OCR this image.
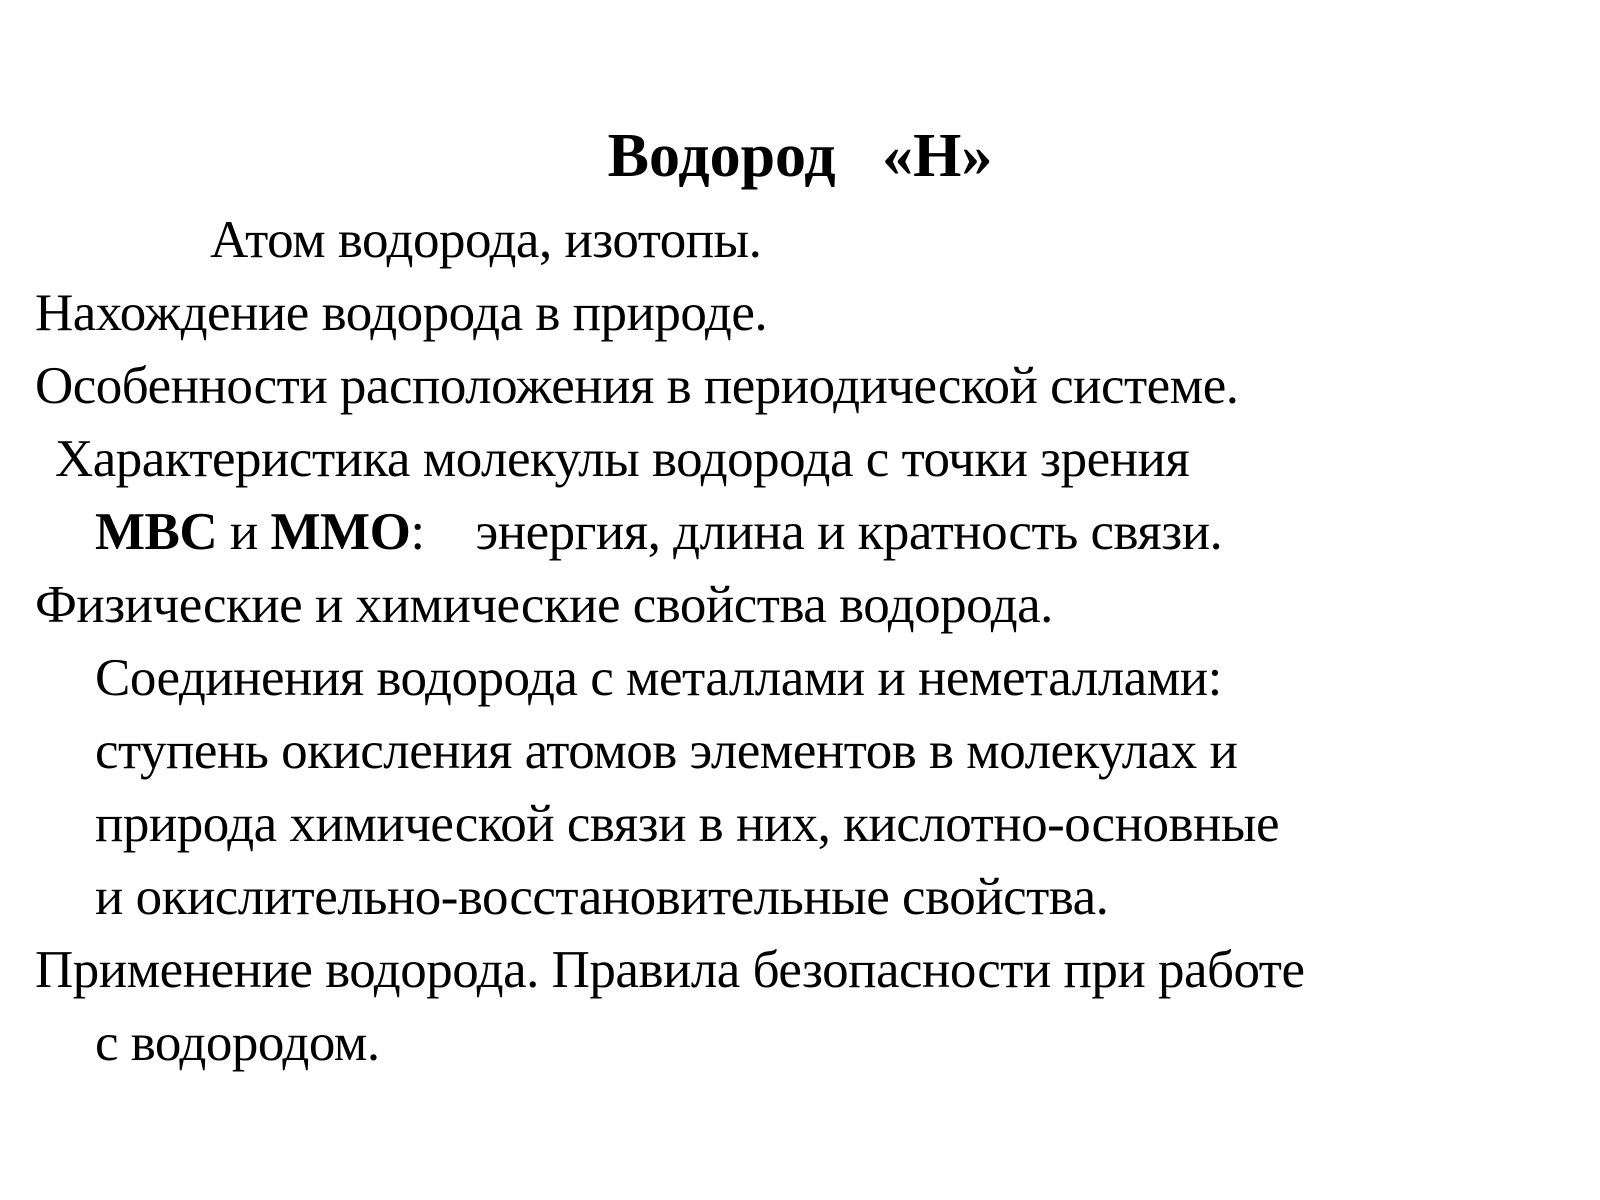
Водород   «Н»
Атом водорода, изотопы.
Нахождение водорода в природе.
Особенности расположения в периодической системе.
Характеристика молекулы водорода с точки зрения
МВС и ММО:    энергия, длина и кратность связи.
Физические и химические свойства водорода.
Соединения водорода с металлами и неметаллами:
ступень окисления атомов элементов в молекулах и
природа химической связи в них, кислотно-основные
и окислительно-восстановительные свойства.
Применение водорода. Правила безопасности при работе
с водородом.
